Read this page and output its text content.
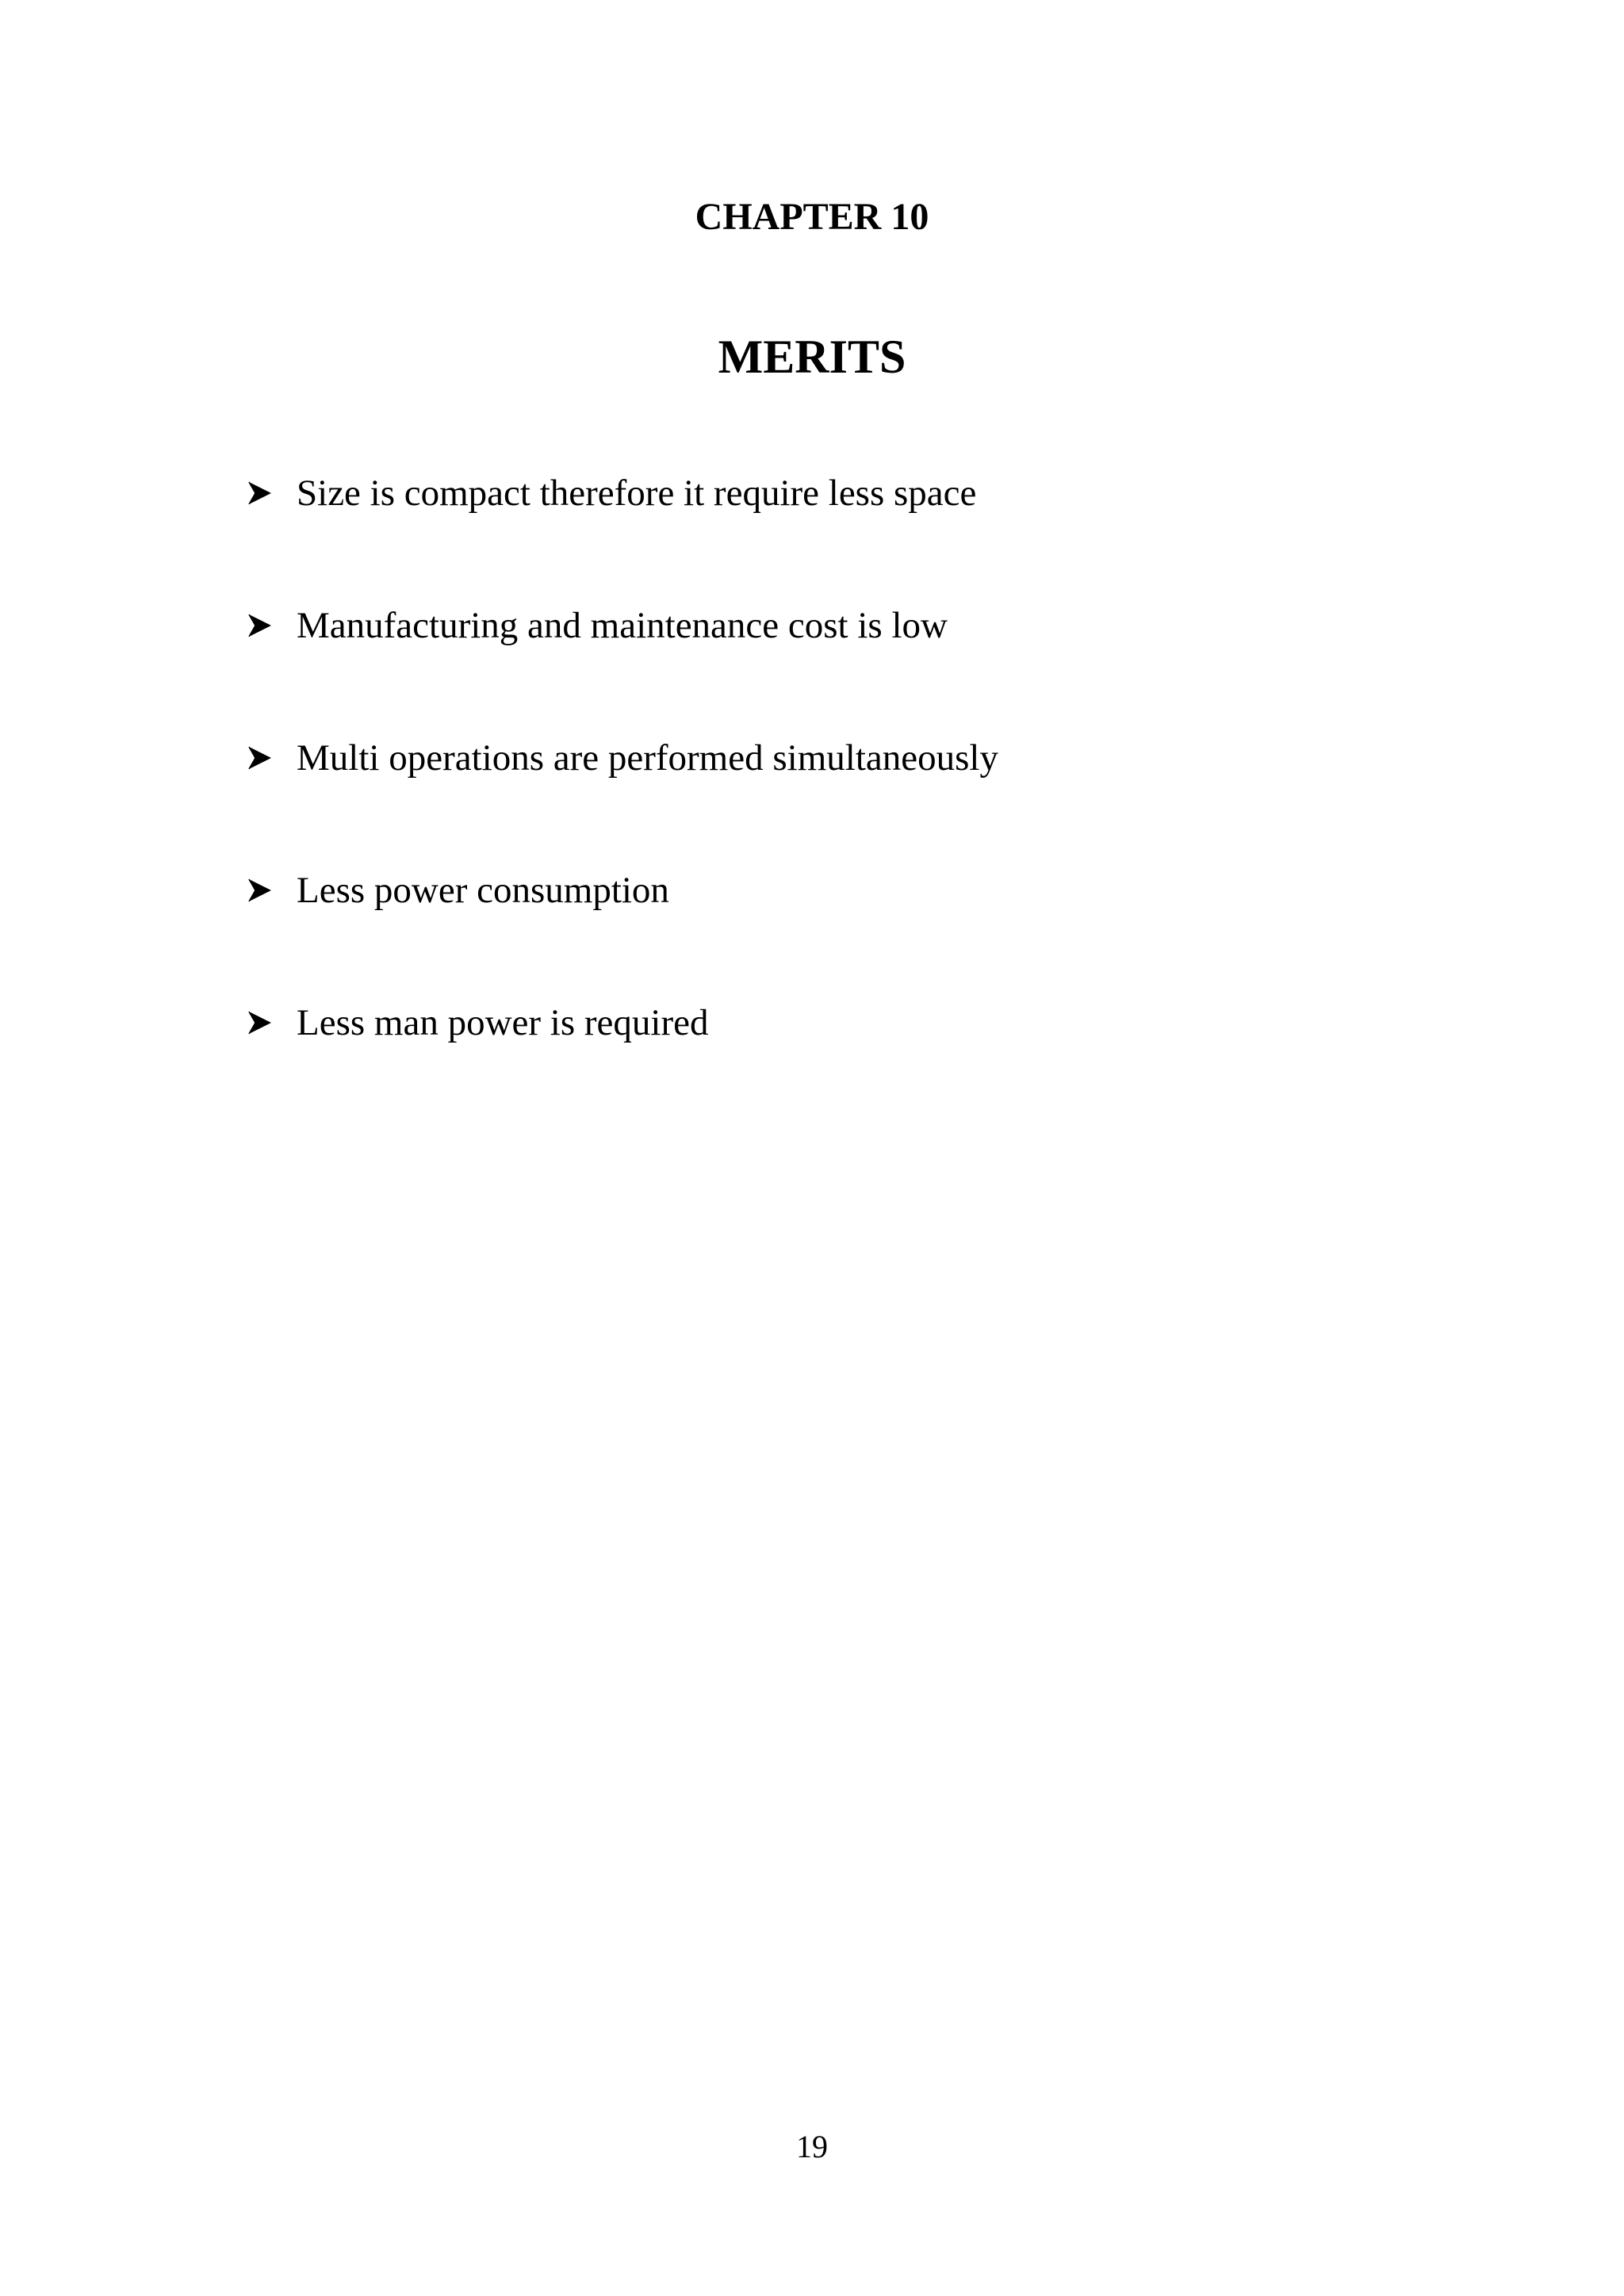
CHAPTER 10
MERITS
Size is compact therefore it require less space
Manufacturing and maintenance cost is low
Multi operations are performed simultaneously
Less power consumption
Less man power is required
19
